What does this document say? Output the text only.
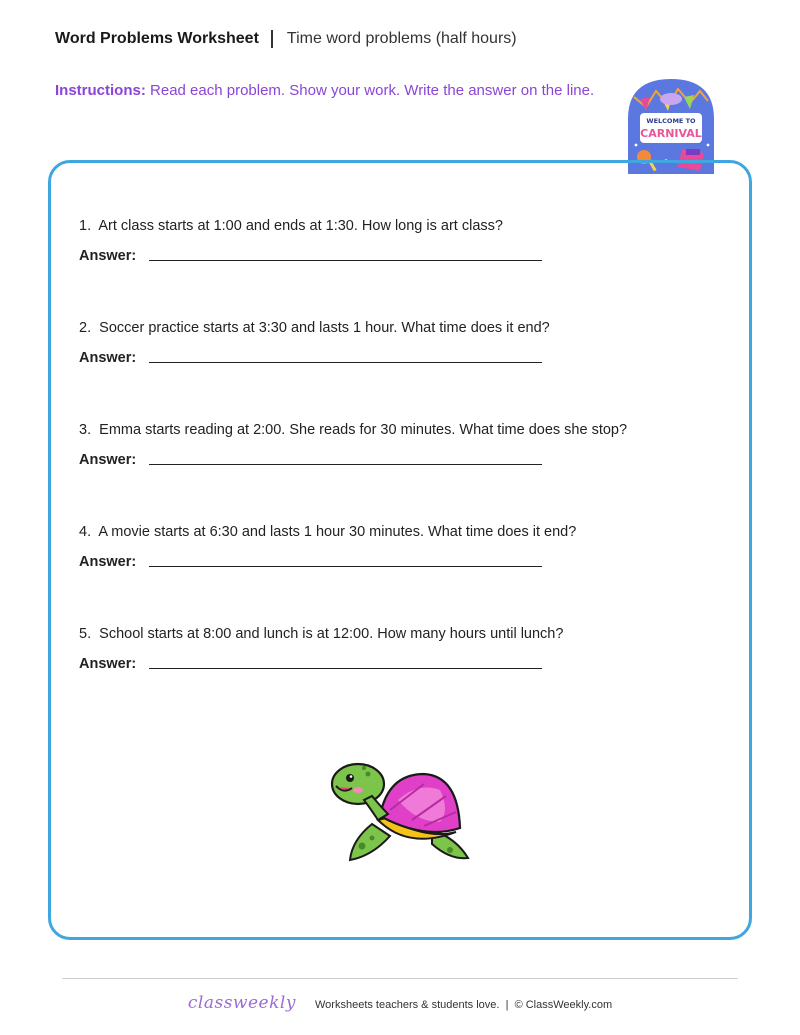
Word Problems Worksheet Time word problems (half hours)
Instructions: Read each problem. Show your work. Write the answer on the line.
WELCOME TO
CARNIVAL
1. Art class starts at 1:00 and ends at 1:30. How long is art class?
Answer:
2. Soccer practice starts at 3:30 and lasts 1 hour. What time does it end?
Answer:
3. Emma starts reading at 2:00. She reads for 30 minutes. What time does she stop?
Answer:
4. A movie starts at 6:30 and lasts 1 hour 30 minutes. What time does it end?
Answer:
5. School starts at 8:00 and lunch is at 12:00. How many hours until lunch?
Answer:
classweekly Worksheets teachers & students love. | © ClassWeekly.com
